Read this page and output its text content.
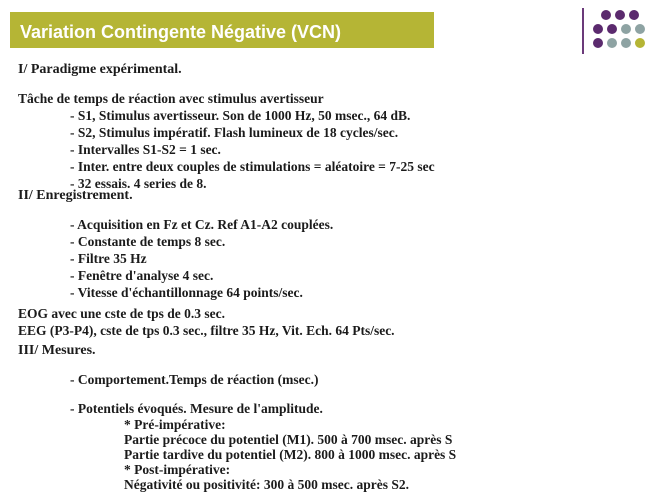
Variation Contingente Négative (VCN)
I/ Paradigme expérimental.
Tâche de temps de réaction avec stimulus avertisseur
- S1, Stimulus avertisseur. Son de 1000 Hz, 50 msec., 64 dB.
- S2, Stimulus impératif. Flash lumineux de 18 cycles/sec.
- Intervalles S1-S2 = 1 sec.
- Inter. entre deux couples de stimulations = aléatoire = 7-25 sec
- 32 essais. 4 series de 8.
II/ Enregistrement.
- Acquisition en Fz et Cz. Ref A1-A2 couplées.
- Constante de temps 8 sec.
- Filtre 35 Hz
- Fenêtre d'analyse 4 sec.
- Vitesse d'échantillonnage 64 points/sec.
EOG avec une cste de tps de 0.3 sec.
EEG (P3-P4), cste de tps 0.3 sec., filtre 35 Hz, Vit. Ech. 64 Pts/sec.
III/ Mesures.
- Comportement.Temps de réaction (msec.)
- Potentiels évoqués. Mesure de l'amplitude.
* Pré-impérative:
Partie précoce du potentiel (M1). 500 à 700 msec. après S
Partie tardive du potentiel (M2). 800 à 1000 msec. après S
* Post-impérative:
Négativité ou positivité: 300 à 500 msec. après S2.
